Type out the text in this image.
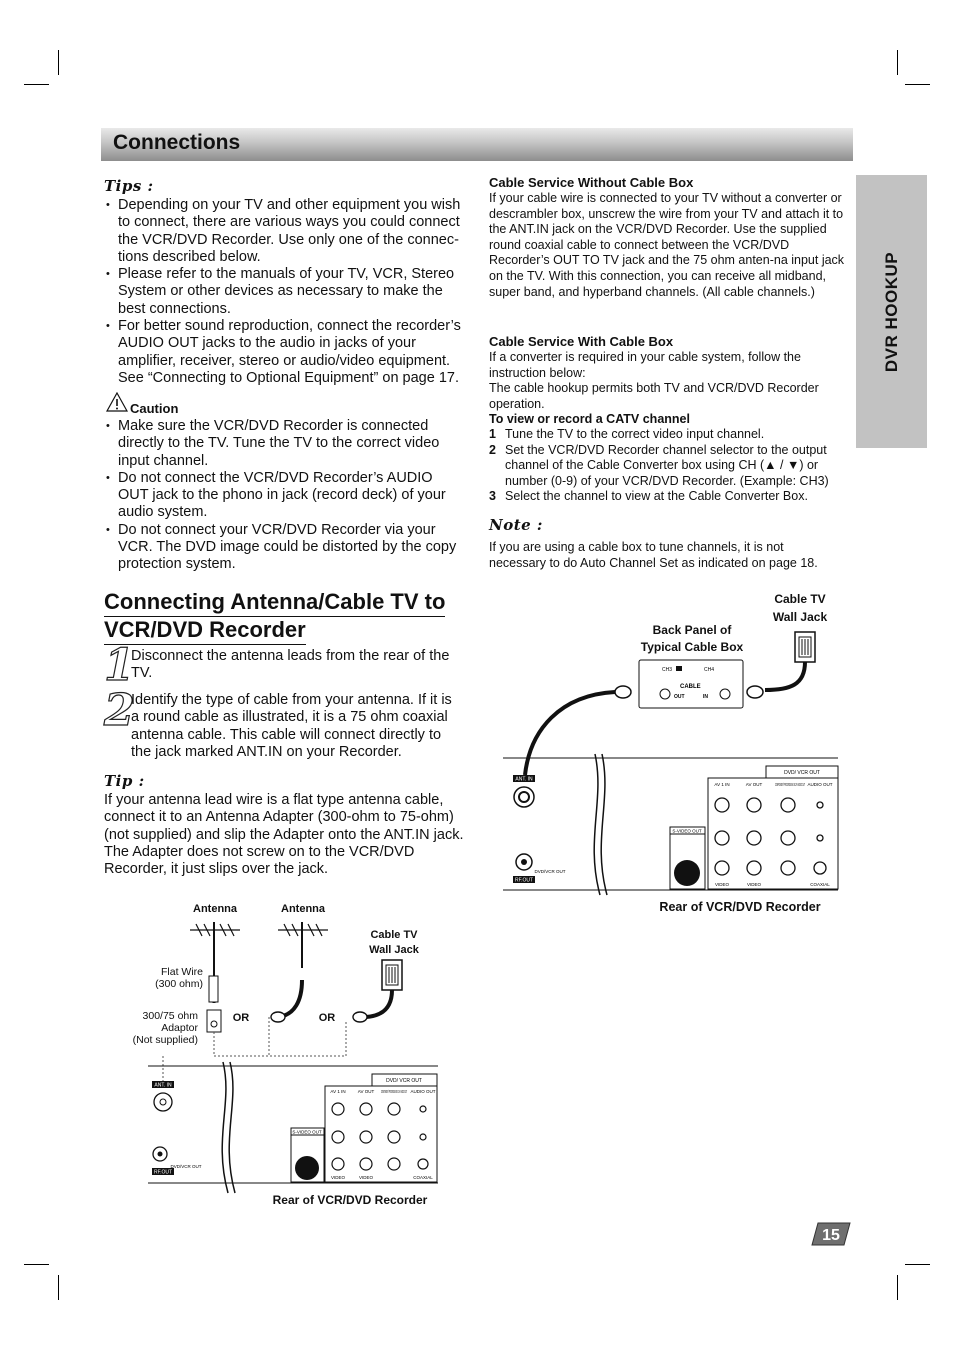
Connections
DVR HOOKUP
Tips :
• Depending on your TV and other equipment you wish to connect, there are various ways you could connect the VCR/DVD Recorder. Use only one of the connec-tions described below.
• Please refer to the manuals of your TV, VCR, Stereo System or other devices as necessary to make the best connections.
• For better sound reproduction, connect the recorder’s AUDIO OUT jacks to the audio in jacks of your amplifier, receiver, stereo or audio/video equipment. See “Connecting to Optional Equipment” on page 17.
Caution
• Make sure the VCR/DVD Recorder is connected directly to the TV. Tune the TV to the correct video input channel.
• Do not connect the VCR/DVD Recorder’s AUDIO OUT jack to the phono in jack (record deck) of your audio system.
• Do not connect your VCR/DVD Recorder via your VCR. The DVD image could be distorted by the copy protection system.
Connecting Antenna/Cable TV to
VCR/DVD Recorder
1
Disconnect the antenna leads from the rear of the TV.
2
Identify the type of cable from your antenna. If it is a round cable as illustrated, it is a 75 ohm coaxial antenna cable. This cable will connect directly to the jack marked ANT.IN on your Recorder.
Tip :
If your antenna lead wire is a flat type antenna cable, connect it to an Antenna Adapter (300-ohm to 75-ohm) (not supplied) and slip the Adapter onto the ANT.IN jack. The Adapter does not screw on to the VCR/DVD Recorder, it just slips over the jack.
Cable Service Without Cable Box
If your cable wire is connected to your TV without a converter or descrambler box, unscrew the wire from your TV and attach it to the ANT.IN jack on the VCR/DVD Recorder. Use the supplied round coaxial cable to connect between the VCR/DVD Recorder’s OUT TO TV jack and the 75 ohm anten-na input jack on the TV. With this connection, you can receive all midband, super band, and hyperband channels. (All cable channels.)
Cable Service With Cable Box
If a converter is required in your cable system, follow the instruction below:
The cable hookup permits both TV and VCR/DVD Recorder operation.
To view or record a CATV channel
1 Tune the TV to the correct video input channel.
2 Set the VCR/DVD Recorder channel selector to the output channel of the Cable Converter box using CH (▲ / ▼) or number (0-9) of your VCR/DVD Recorder. (Example: CH3)
3 Select the channel to view at the Cable Converter Box.
Note :
If you are using a cable box to tune channels, it is not necessary to do Auto Channel Set as indicated on page 18.
Cable TV
Wall Jack
Back Panel of
Typical Cable Box
CH3	CH4
CABLE
OUT	IN
ANT. IN
RF.OUT
DVD/VCR OUT
S-VIDEO OUT
DVD/ VCR OUT
AV 1 IN	AV OUT	COMPONENT/ PROGRESSIVE SCAN VIDEO OUT AUDIO OUT
VIDEO	VIDEO	COAXIAL
Rear of VCR/DVD Recorder
Antenna	Antenna
Cable TV
Wall Jack
Flat Wire
(300 ohm)
300/75 ohm
Adaptor
(Not supplied)
OR	OR
ANT. IN
RF.OUT
DVD/VCR OUT
S-VIDEO OUT
DVD/ VCR OUT
AV 1 IN	AV OUT COMPONENT/ PROGRESSIVE SCAN VIDEO OUT AUDIO OUT
VIDEO	VIDEO	COAXIAL
Rear of VCR/DVD Recorder
15
